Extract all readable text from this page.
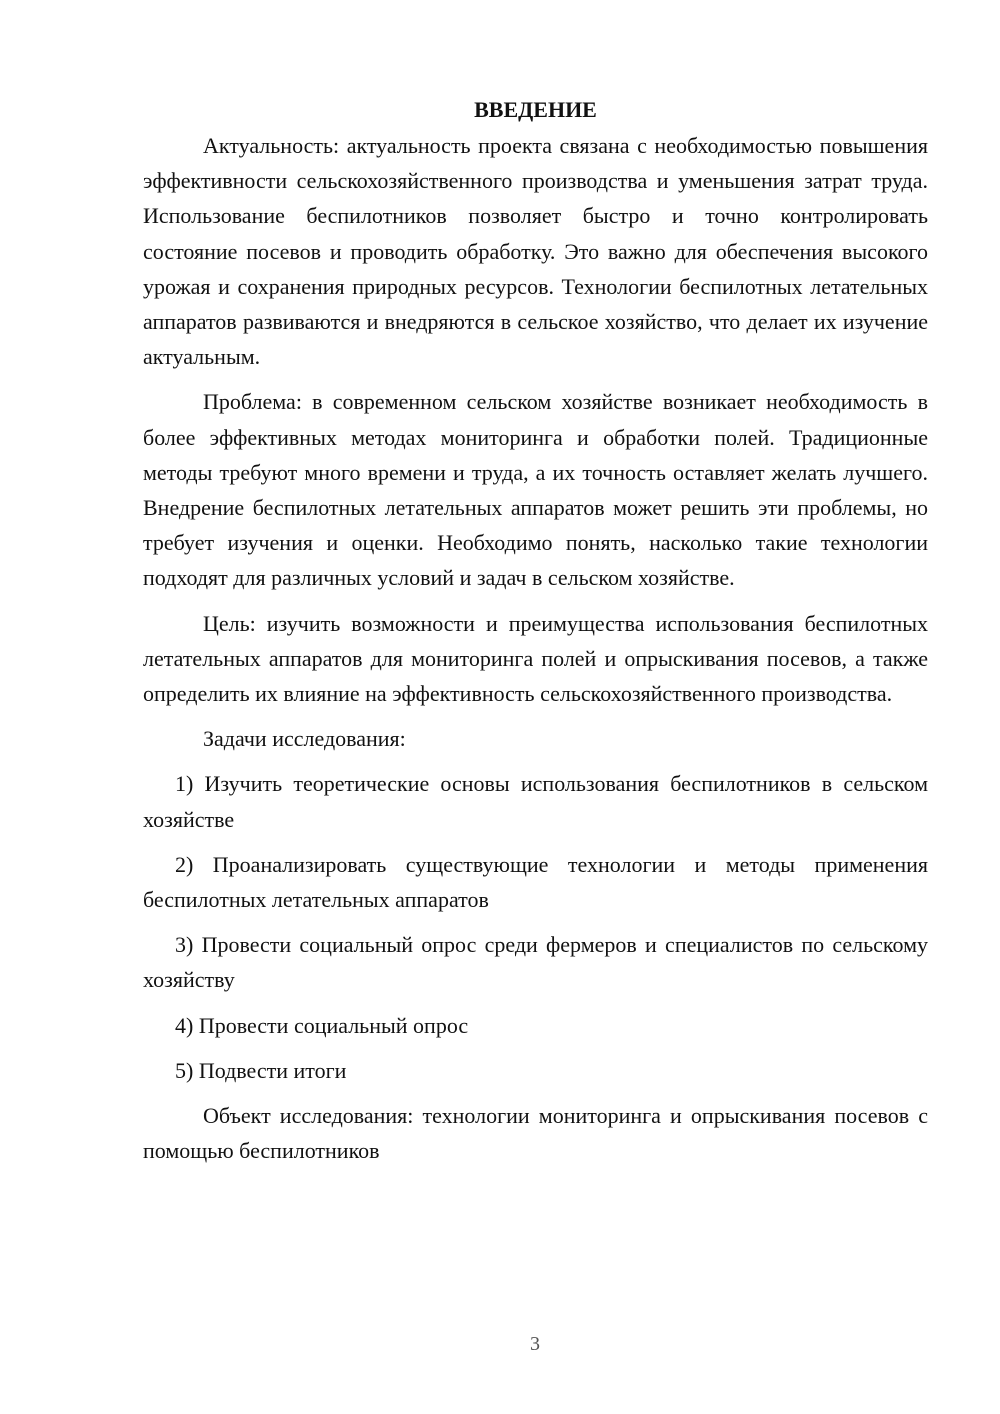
ВВЕДЕНИЕ

Актуальность: актуальность проекта связана с необходимостью повышения эффективности сельскохозяйственного производства и уменьшения затрат труда. Использование беспилотников позволяет быстро и точно контролировать состояние посевов и проводить обработку. Это важно для обеспечения высокого урожая и сохранения природных ресурсов. Технологии беспилотных летательных аппаратов развиваются и внедряются в сельское хозяйство, что делает их изучение актуальным.

Проблема: в современном сельском хозяйстве возникает необходимость в более эффективных методах мониторинга и обработки полей. Традиционные методы требуют много времени и труда, а их точность оставляет желать лучшего. Внедрение беспилотных летательных аппаратов может решить эти проблемы, но требует изучения и оценки. Необходимо понять, насколько такие технологии подходят для различных условий и задач в сельском хозяйстве.

Цель: изучить возможности и преимущества использования беспилотных летательных аппаратов для мониторинга полей и опрыскивания посевов, а также определить их влияние на эффективность сельскохозяйственного производства.

Задачи исследования:

1) Изучить теоретические основы использования беспилотников в сельском хозяйстве

2) Проанализировать существующие технологии и методы применения беспилотных летательных аппаратов

3) Провести социальный опрос среди фермеров и специалистов по сельскому хозяйству

4) Провести социальный опрос

5) Подвести итоги

Объект исследования: технологии мониторинга и опрыскивания посевов с помощью беспилотников

3
